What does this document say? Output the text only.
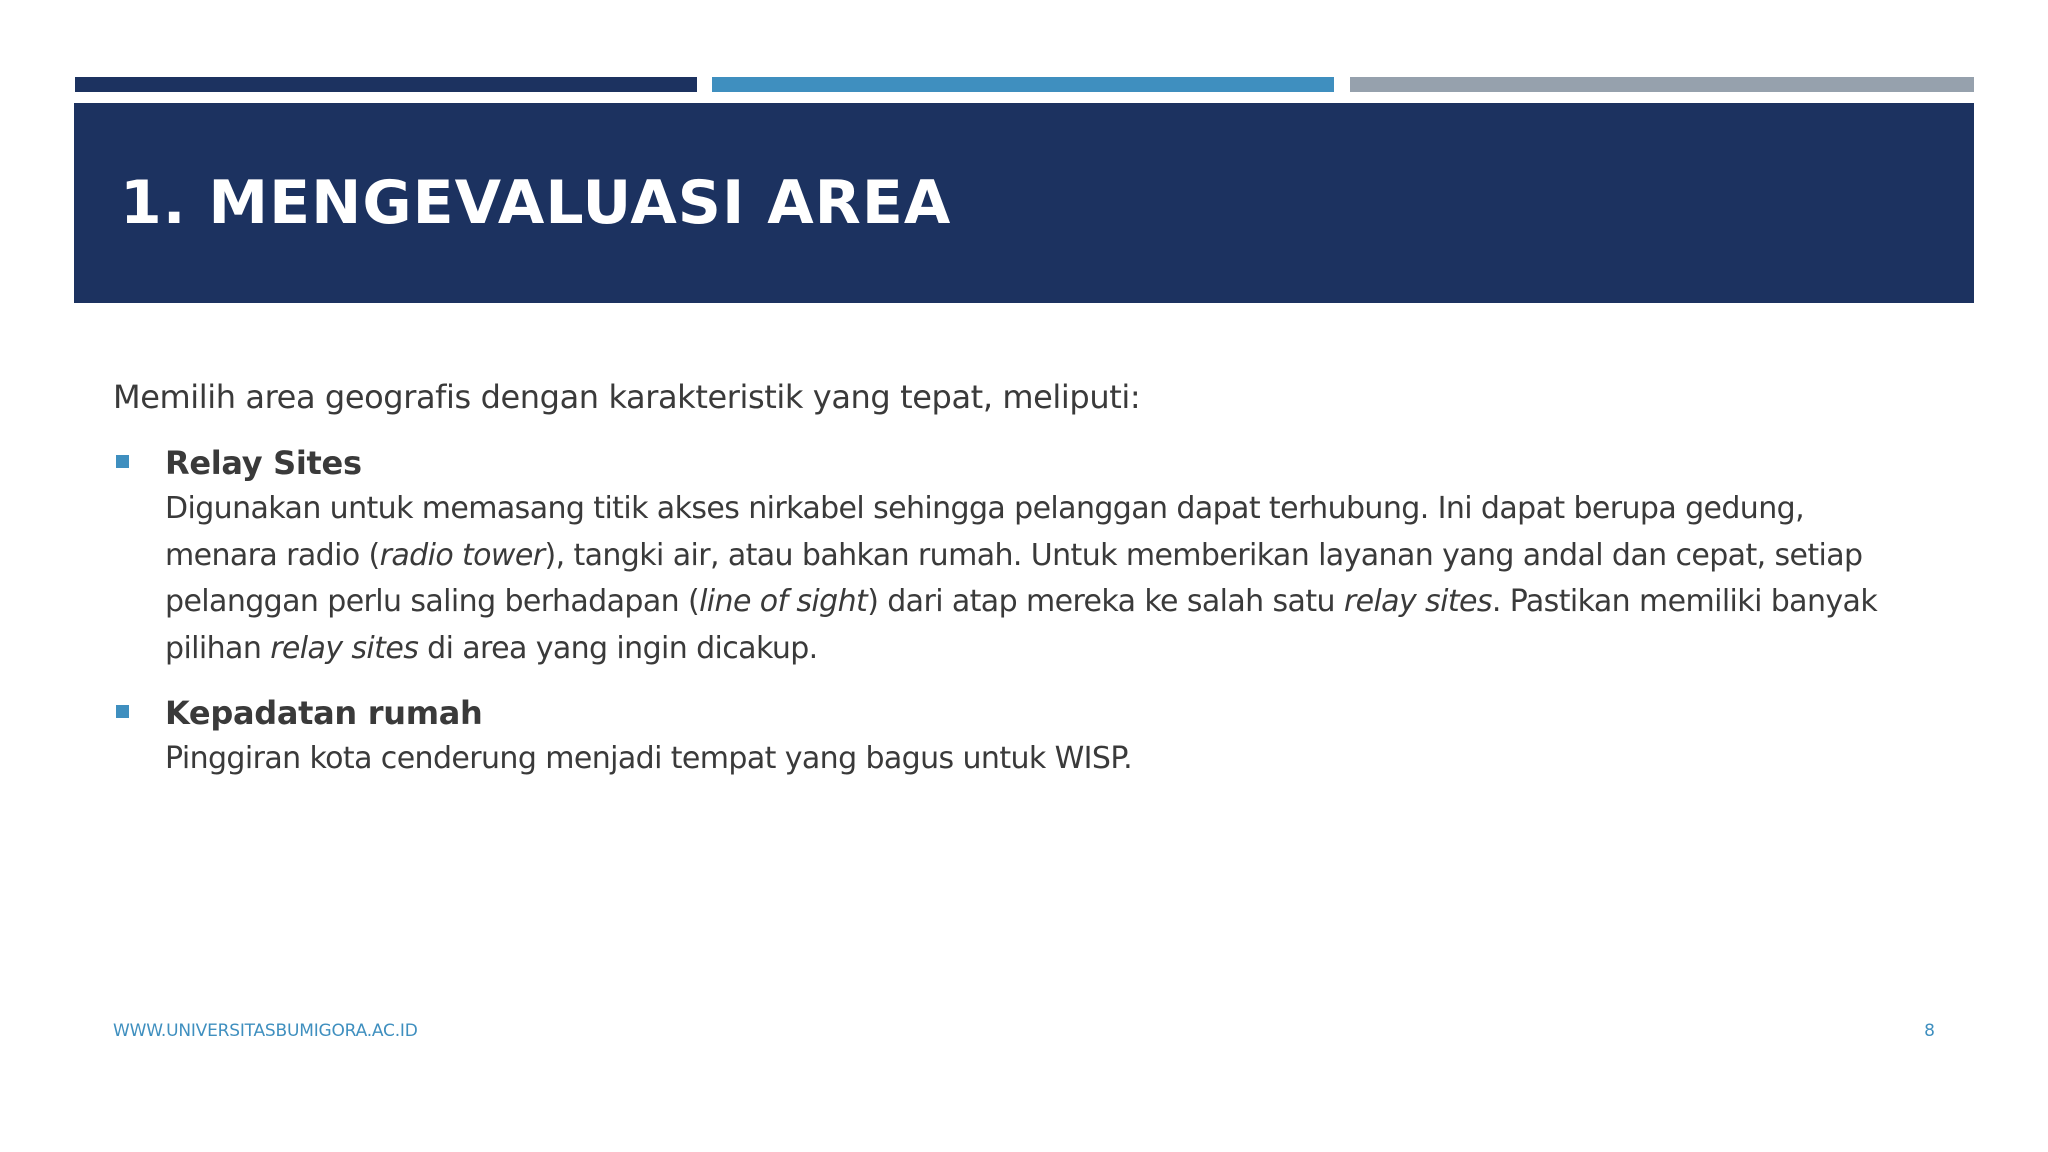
1. MENGEVALUASI AREA

Memilih area geografis dengan karakteristik yang tepat, meliputi:

Relay Sites
Digunakan untuk memasang titik akses nirkabel sehingga pelanggan dapat terhubung. Ini dapat berupa gedung,
menara radio (radio tower), tangki air, atau bahkan rumah. Untuk memberikan layanan yang andal dan cepat, setiap
pelanggan perlu saling berhadapan (line of sight) dari atap mereka ke salah satu relay sites. Pastikan memiliki banyak
pilihan relay sites di area yang ingin dicakup.
Kepadatan rumah
Pinggiran kota cenderung menjadi tempat yang bagus untuk WISP.
WWW.UNIVERSITASBUMIGORA.AC.ID	8
